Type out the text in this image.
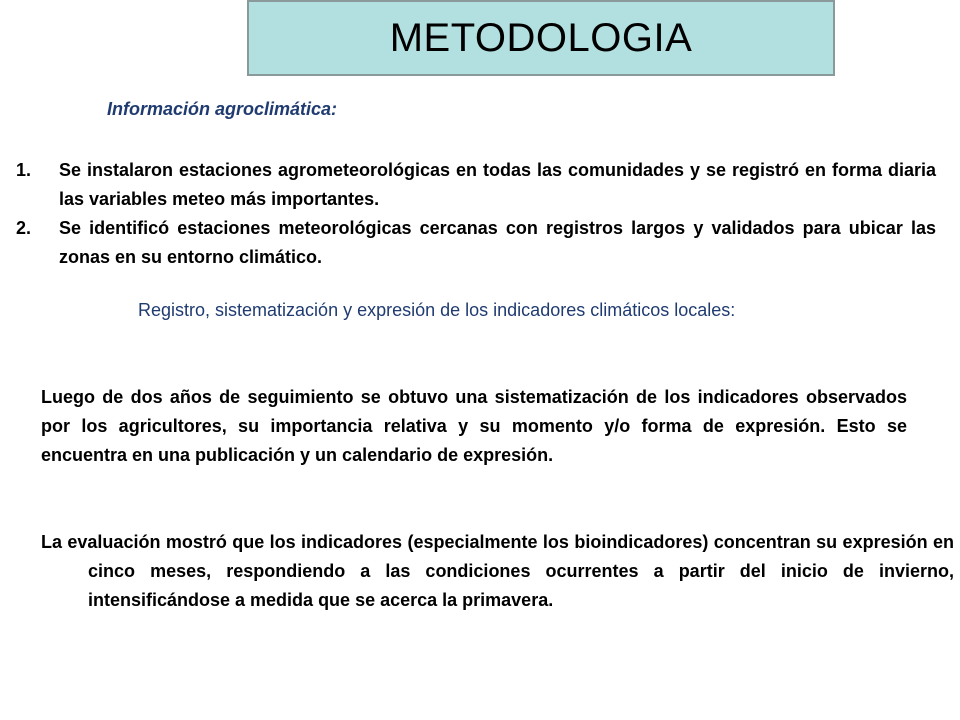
METODOLOGIA
Información agroclimática:
1. Se instalaron estaciones agrometeorológicas en todas las comunidades y se registró en forma diaria las variables meteo más importantes.
2. Se identificó estaciones meteorológicas cercanas con registros largos y validados para ubicar las zonas en su entorno climático.
Registro, sistematización y expresión de los indicadores climáticos locales:
Luego de dos años de seguimiento se obtuvo una sistematización de los indicadores observados por los agricultores, su importancia relativa y su momento y/o forma de expresión. Esto se encuentra en una publicación y un calendario de expresión.
La evaluación mostró que los indicadores (especialmente los bioindicadores) concentran su expresión en cinco meses, respondiendo a las condiciones ocurrentes a partir del inicio de invierno, intensificándose a medida que se acerca la primavera.
